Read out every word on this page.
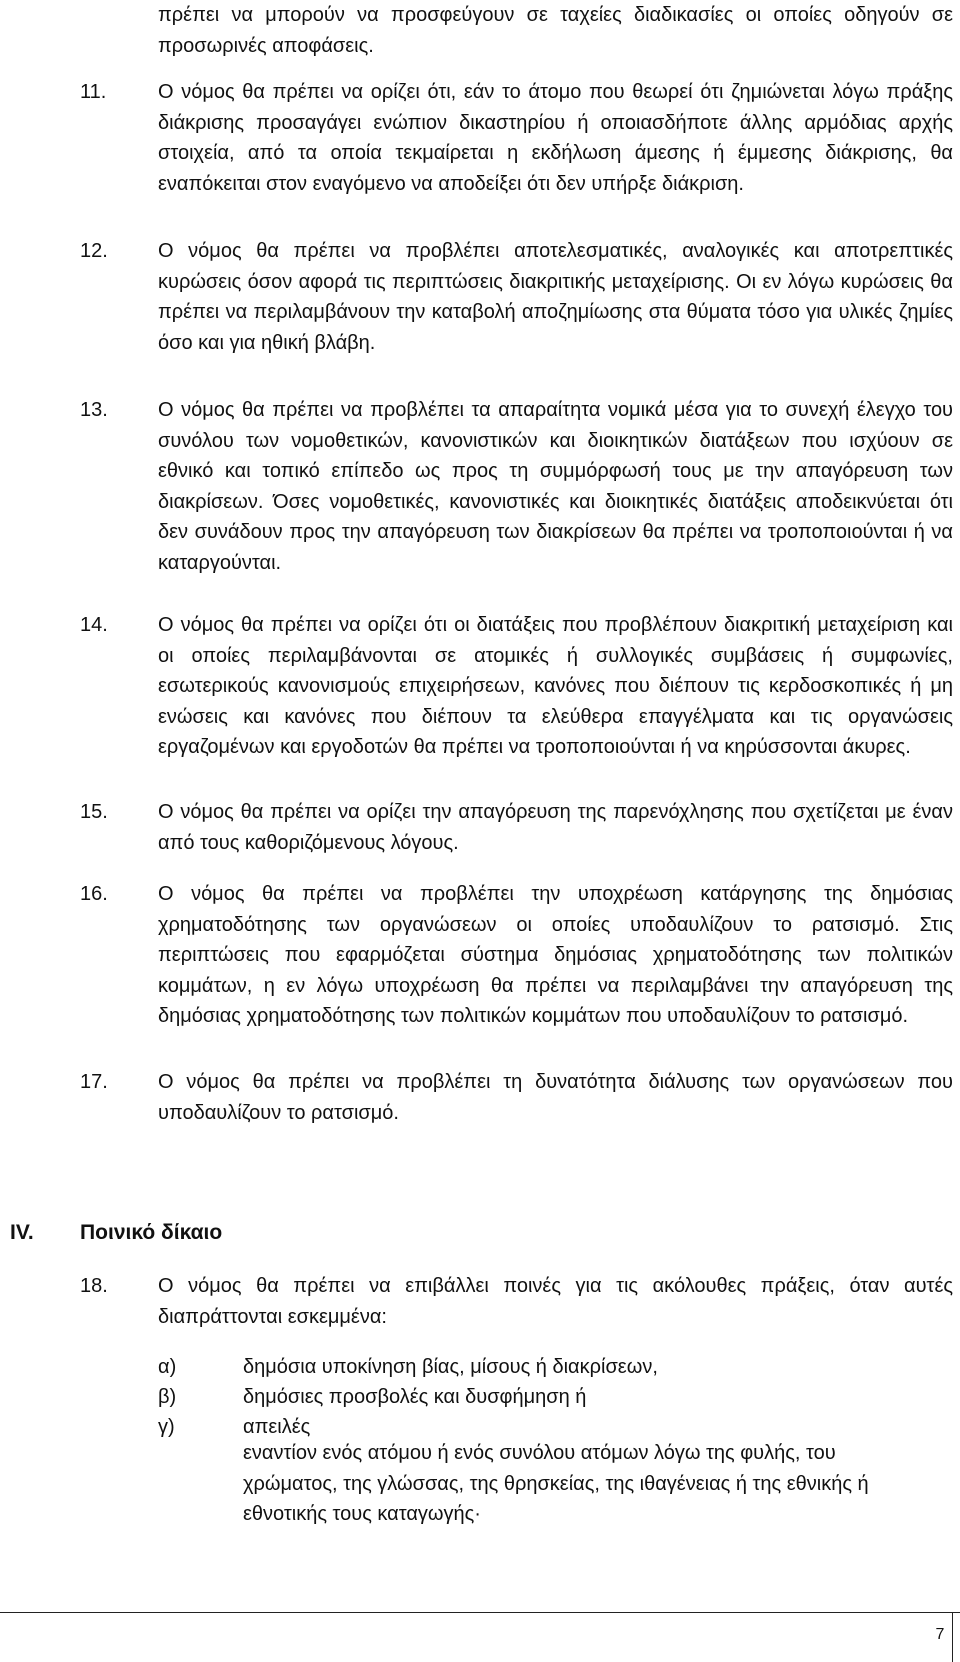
πρέπει να μπορούν να προσφεύγουν σε ταχείες διαδικασίες οι οποίες οδηγούν σε προσωρινές αποφάσεις.
11.	Ο νόμος θα πρέπει να ορίζει ότι, εάν το άτομο που θεωρεί ότι ζημιώνεται λόγω πράξης διάκρισης προσαγάγει ενώπιον δικαστηρίου ή οποιασδήποτε άλλης αρμόδιας αρχής στοιχεία, από τα οποία τεκμαίρεται η εκδήλωση άμεσης ή έμμεσης διάκρισης, θα εναπόκειται στον εναγόμενο να αποδείξει ότι δεν υπήρξε διάκριση.
12.	Ο νόμος θα πρέπει να προβλέπει αποτελεσματικές, αναλογικές και αποτρεπτικές κυρώσεις όσον αφορά τις περιπτώσεις διακριτικής μεταχείρισης. Οι εν λόγω κυρώσεις θα πρέπει να περιλαμβάνουν την καταβολή αποζημίωσης στα θύματα τόσο για υλικές ζημίες όσο και για ηθική βλάβη.
13.	Ο νόμος θα πρέπει να προβλέπει τα απαραίτητα νομικά μέσα για το συνεχή έλεγχο του συνόλου των νομοθετικών, κανονιστικών και διοικητικών διατάξεων που ισχύουν σε εθνικό και τοπικό επίπεδο ως προς τη συμμόρφωσή τους με την απαγόρευση των διακρίσεων. Όσες νομοθετικές, κανονιστικές και διοικητικές διατάξεις αποδεικνύεται ότι δεν συνάδουν προς την απαγόρευση των διακρίσεων θα πρέπει να τροποποιούνται ή να καταργούνται.
14.	Ο νόμος θα πρέπει να ορίζει ότι οι διατάξεις που προβλέπουν διακριτική μεταχείριση και οι οποίες περιλαμβάνονται σε ατομικές ή συλλογικές συμβάσεις ή συμφωνίες, εσωτερικούς κανονισμούς επιχειρήσεων, κανόνες που διέπουν τις κερδοσκοπικές ή μη ενώσεις και κανόνες που διέπουν τα ελεύθερα επαγγέλματα και τις οργανώσεις εργαζομένων και εργοδοτών θα πρέπει να τροποποιούνται ή να κηρύσσονται άκυρες.
15.	Ο νόμος θα πρέπει να ορίζει την απαγόρευση της παρενόχλησης που σχετίζεται με έναν από τους καθοριζόμενους λόγους.
16.	Ο νόμος θα πρέπει να προβλέπει την υποχρέωση κατάργησης της δημόσιας χρηματοδότησης των οργανώσεων οι οποίες υποδαυλίζουν το ρατσισμό. Στις περιπτώσεις που εφαρμόζεται σύστημα δημόσιας χρηματοδότησης των πολιτικών κομμάτων, η εν λόγω υποχρέωση θα πρέπει να περιλαμβάνει την απαγόρευση της δημόσιας χρηματοδότησης των πολιτικών κομμάτων που υποδαυλίζουν το ρατσισμό.
17.	Ο νόμος θα πρέπει να προβλέπει τη δυνατότητα διάλυσης των οργανώσεων που υποδαυλίζουν το ρατσισμό.
IV. Ποινικό δίκαιο
18.	Ο νόμος θα πρέπει να επιβάλλει ποινές για τις ακόλουθες πράξεις, όταν αυτές διαπράττονται εσκεμμένα:
α)	δημόσια υποκίνηση βίας, μίσους ή διακρίσεων,
β)	δημόσιες προσβολές και δυσφήμηση ή
γ)	απειλές
εναντίον ενός ατόμου ή ενός συνόλου ατόμων λόγω της φυλής, του χρώματος, της γλώσσας, της θρησκείας, της ιθαγένειας ή της εθνικής ή εθνοτικής τους καταγωγής·
7
